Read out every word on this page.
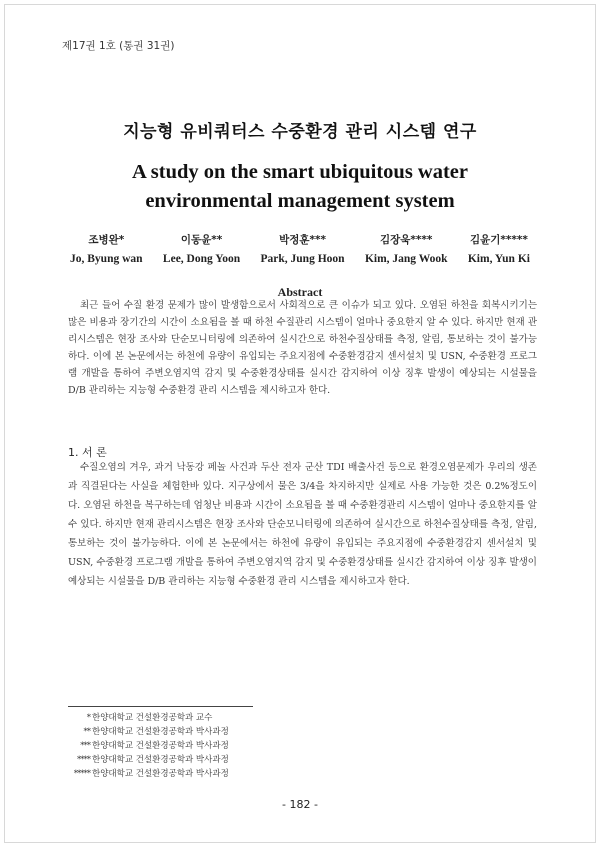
제17권 1호 (통권 31권)
지능형 유비쿼터스 수중환경 관리 시스템 연구
A study on the smart ubiquitous water environmental management system
조병완*
Jo, Byung wan
이동윤**
Lee, Dong Yoon
박정훈***
Park, Jung Hoon
김장욱****
Kim, Jang Wook
김윤기*****
Kim, Yun Ki
Abstract

최근 들어 수질 환경 문제가 많이 발생함으로서 사회적으로 큰 이슈가 되고 있다. 오염된 하천을 회복시키기는 많은 비용과 장기간의 시간이 소요됨을 볼 때 하천 수질관리 시스템이 얼마나 중요한지 알 수 있다. 하지만 현재 관리시스템은 현장 조사와 단순모니터링에 의존하여 실시간으로 하천수질상태를 측정, 알림, 통보하는 것이 불가능하다. 이에 본 논문에서는 하천에 유량이 유입되는 주요지점에 수중환경감지 센서설치 및 USN, 수중환경 프로그램 개발을 통하여 주변오염지역 감지 및 수중환경상태를 실시간 감지하여 이상 징후 발생이 예상되는 시설물을 D/B 관리하는 지능형 수중환경 관리 시스템을 제시하고자 한다.

1. 서 론

수질오염의 겨우, 과거 낙동강 페놀 사건과 두산 전자 군산 TDI 배출사건 등으로 환경오염문제가 우리의 생존과 직결된다는 사실을 체험한바 있다. 지구상에서 물은 3/4을 차지하지만 실제로 사용 가능한 것은 0.2%정도이다. 오염된 하천을 복구하는데 엄청난 비용과 시간이 소요됨을 볼 때 수중환경관리 시스템이 얼마나 중요한지를 알 수 있다. 하지만 현재 관리시스템은 현장 조사와 단순모니터링에 의존하여 실시간으로 하천수질상태를 측정, 알림, 통보하는 것이 불가능하다. 이에 본 논문에서는 하천에 유량이 유입되는 주요지점에 수중환경감지 센서설치 및 USN, 수중환경 프로그램 개발을 통하여 주변오염지역 감지 및 수중환경상태를 실시간 감지하여 이상 징후 발생이 예상되는 시설물을 D/B 관리하는 지능형 수중환경 관리 시스템을 제시하고자 한다.

* 한양대학교 건설환경공학과 교수
** 한양대학교 건설환경공학과 박사과정
*** 한양대학교 건설환경공학과 박사과정
**** 한양대학교 건설환경공학과 박사과정
***** 한양대학교 건설환경공학과 박사과정
- 182 -
